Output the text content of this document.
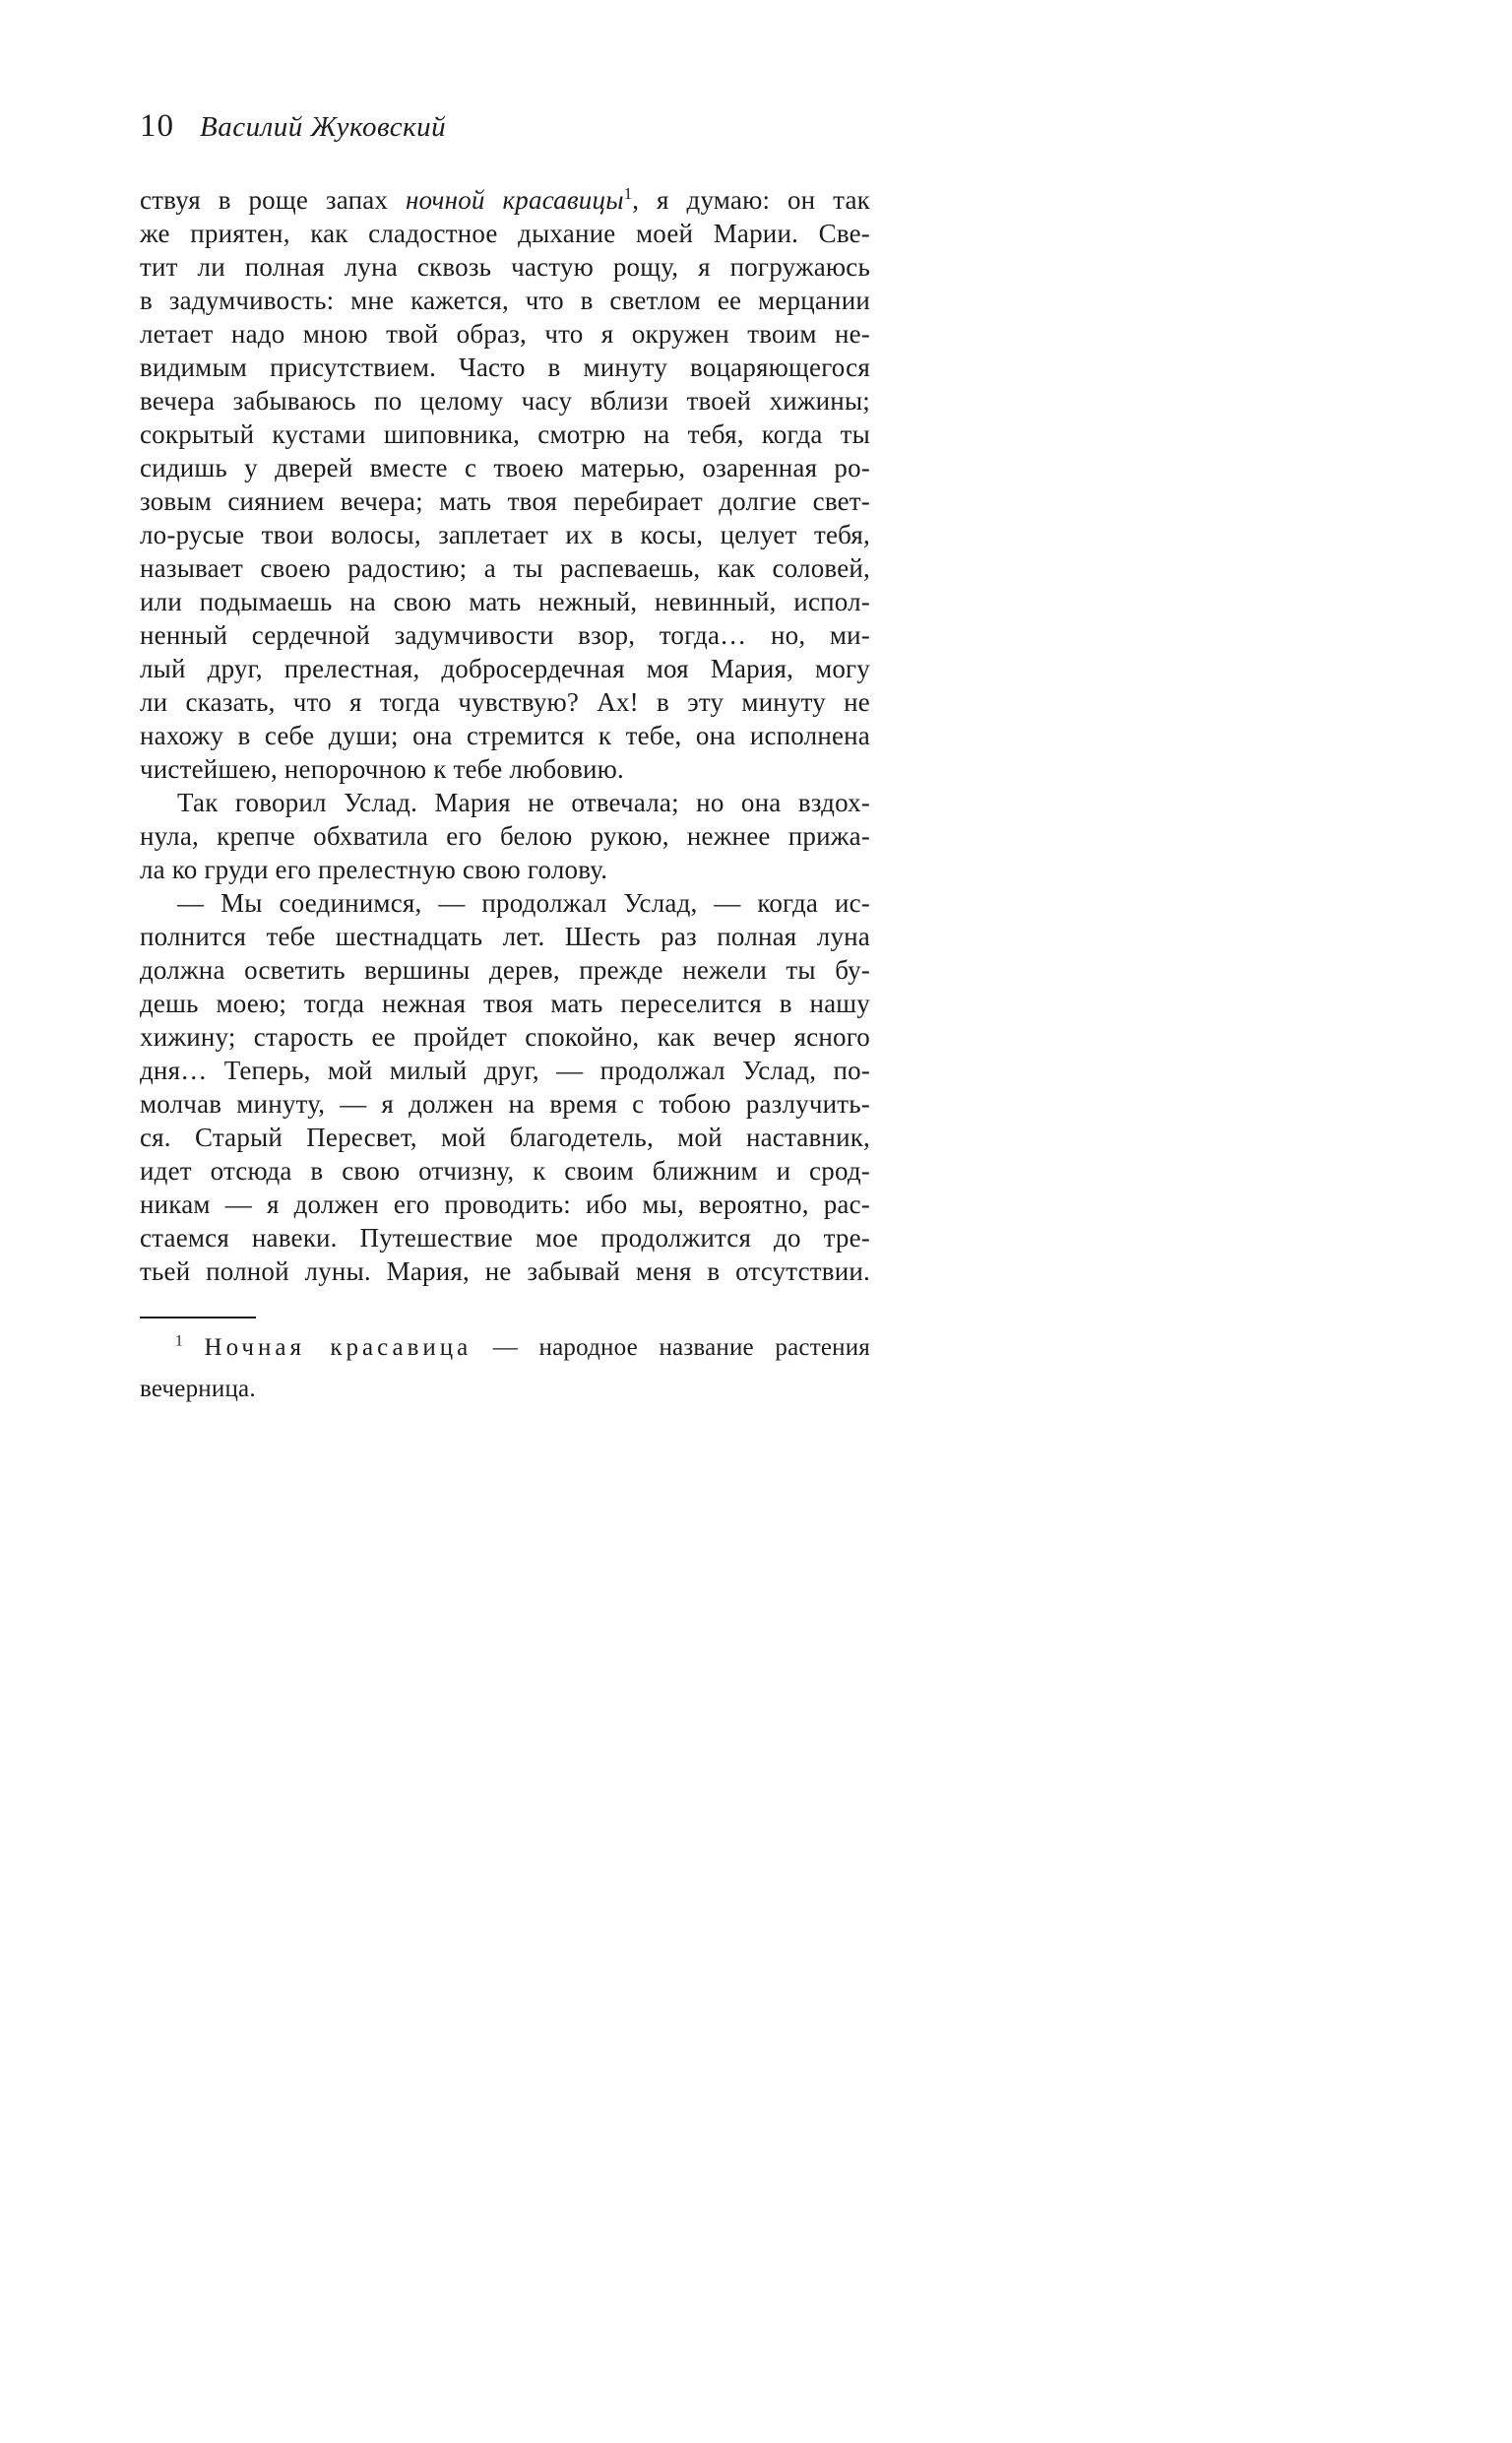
10 Василий Жуковский
ствуя в роще запах ночной красавицы$^1$, я думаю: он так
же приятен, как сладостное дыхание моей Марии. Све-
тит ли полная луна сквозь частую рощу, я погружаюсь
в задумчивость: мне кажется, что в светлом ее мерцании
летает надо мною твой образ, что я окружен твоим не-
видимым присутствием. Часто в минуту воцаряющегося
вечера забываюсь по целому часу вблизи твоей хижины;
сокрытый кустами шиповника, смотрю на тебя, когда ты
сидишь у дверей вместе с твоею матерью, озаренная ро-
зовым сиянием вечера; мать твоя перебирает долгие свет-
ло-русые твои волосы, заплетает их в косы, целует тебя,
называет своею радостию; а ты распеваешь, как соловей,
или подымаешь на свою мать нежный, невинный, испол-
ненный сердечной задумчивости взор, тогда… но, ми-
лый друг, прелестная, добросердечная моя Мария, могу
ли сказать, что я тогда чувствую? Ах! в эту минуту не
нахожу в себе души; она стремится к тебе, она исполнена
чистейшею, непорочною к тебе любовию.
Так говорил Услад. Мария не отвечала; но она вздох-
нула, крепче обхватила его белою рукою, нежнее прижа-
ла ко груди его прелестную свою голову.
— Мы соединимся, — продолжал Услад, — когда ис-
полнится тебе шестнадцать лет. Шесть раз полная луна
должна осветить вершины дерев, прежде нежели ты бу-
дешь моею; тогда нежная твоя мать переселится в нашу
хижину; старость ее пройдет спокойно, как вечер ясного
дня… Теперь, мой милый друг, — продолжал Услад, по-
молчав минуту, — я должен на время с тобою разлучить-
ся. Старый Пересвет, мой благодетель, мой наставник,
идет отсюда в свою отчизну, к своим ближним и срод-
никам — я должен его проводить: ибо мы, вероятно, рас-
стаемся навеки. Путешествие мое продолжится до тре-
тьей полной луны. Мария, не забывай меня в отсутствии.
$^1$ Ночная красавица — народное название растения
вечерница.
